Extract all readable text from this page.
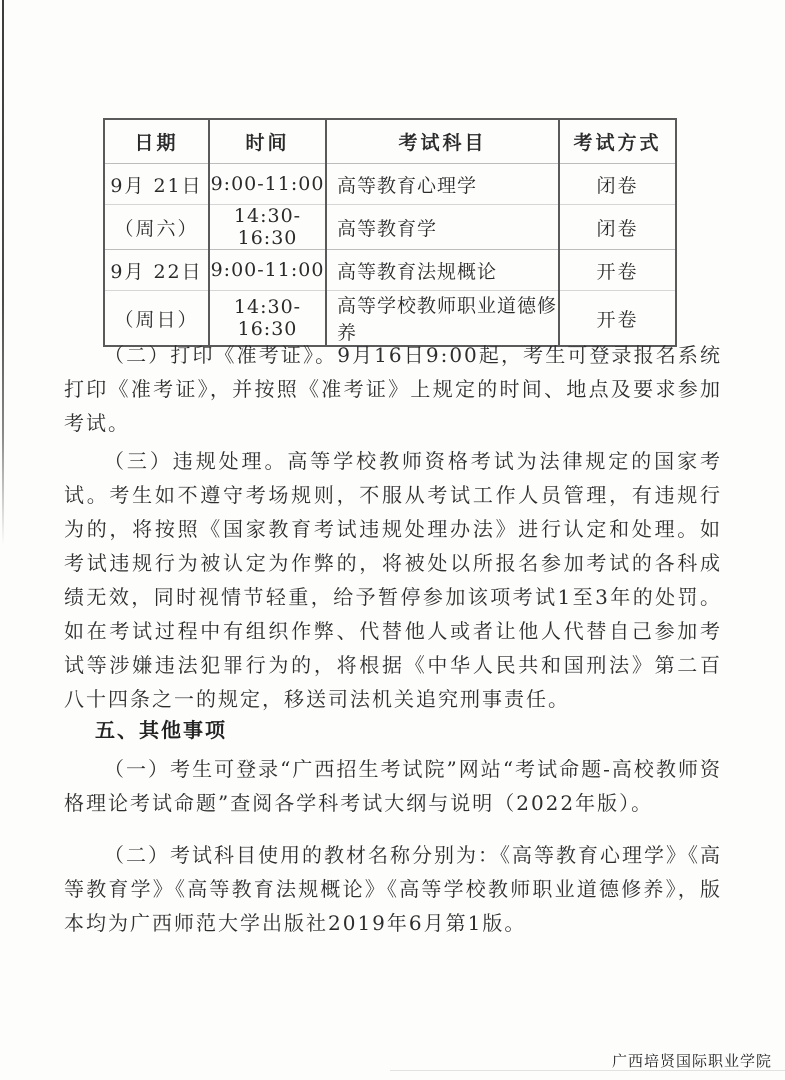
日期	时间	考试科目	考试方式
9月 21日	9:00-11:00	高等教育心理学	闭卷
（周六）	14:30-16:30	高等教育学	闭卷
9月 22日	9:00-11:00	高等教育法规概论	开卷
（周日）	14:30-16:30	高等学校教师职业道德修养	开卷

（二）打印《准考证》。9月16日9:00起，考生可登录报名系统打印《准考证》，并按照《准考证》上规定的时间、地点及要求参加考试。

（三）违规处理。高等学校教师资格考试为法律规定的国家考试。考生如不遵守考场规则，不服从考试工作人员管理，有违规行为的，将按照《国家教育考试违规处理办法》进行认定和处理。如考试违规行为被认定为作弊的，将被处以所报名参加考试的各科成绩无效，同时视情节轻重，给予暂停参加该项考试1至3年的处罚。如在考试过程中有组织作弊、代替他人或者让他人代替自己参加考试等涉嫌违法犯罪行为的，将根据《中华人民共和国刑法》第二百八十四条之一的规定，移送司法机关追究刑事责任。

五、其他事项

（一）考生可登录“广西招生考试院”网站“考试命题-高校教师资格理论考试命题”查阅各学科考试大纲与说明（2022年版）。

（二）考试科目使用的教材名称分别为：《高等教育心理学》《高等教育学》《高等教育法规概论》《高等学校教师职业道德修养》，版本均为广西师范大学出版社2019年6月第1版。

广西培贤国际职业学院
